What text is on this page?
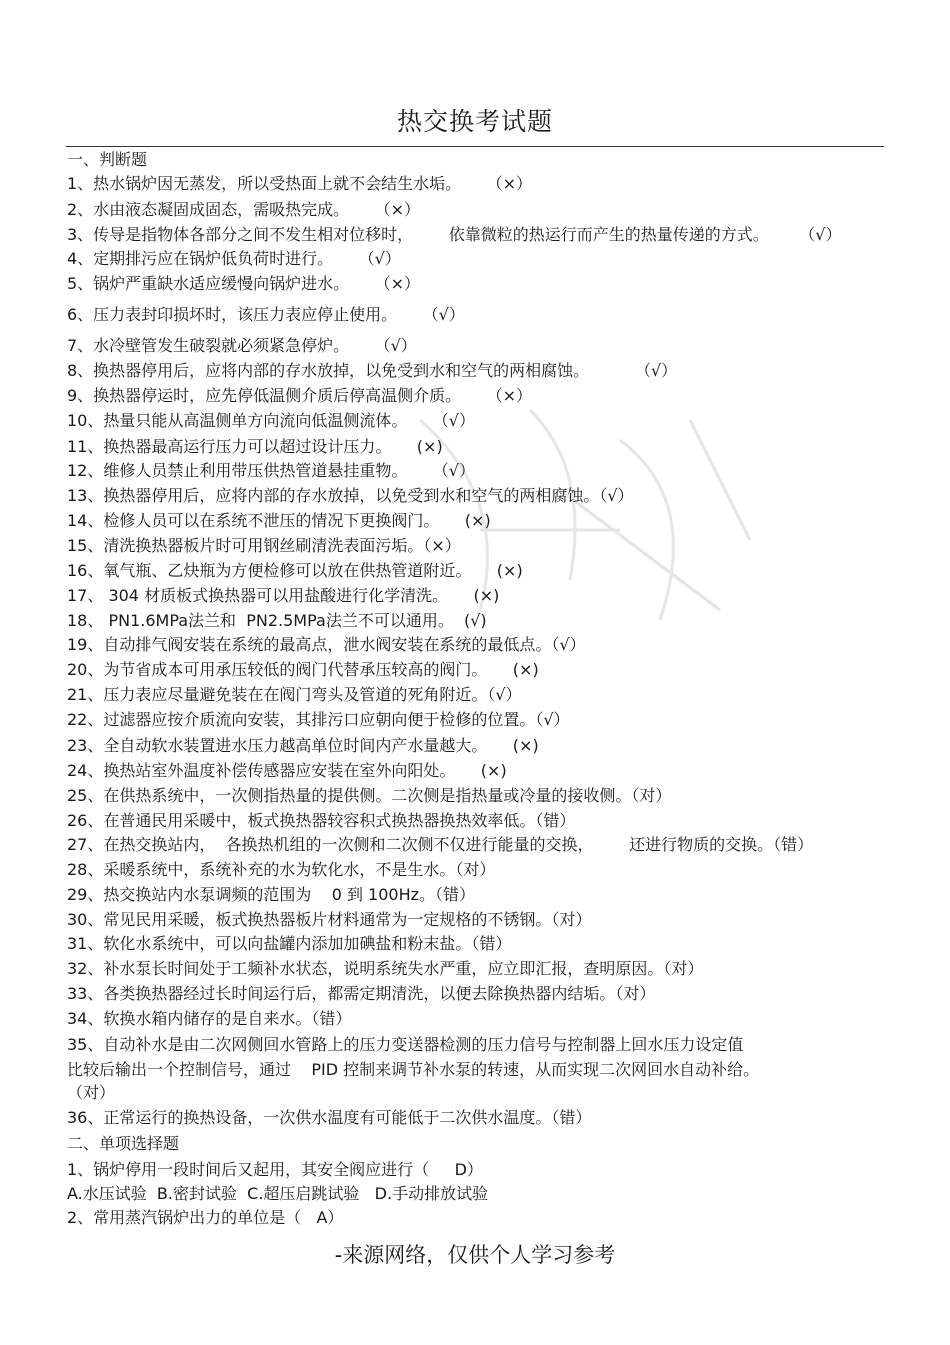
热交换考试题
一、判断题
1、热水锅炉因无蒸发，所以受热面上就不会结生水垢。     （×）
2、水由液态凝固成固态，需吸热完成。     （×）
3、传导是指物体各部分之间不发生相对位移时，       依靠微粒的热运行而产生的热量传递的方式。      （√）
4、定期排污应在锅炉低负荷时进行。     （√）
5、锅炉严重缺水适应缓慢向锅炉进水。     （×）
6、压力表封印损坏时，该压力表应停止使用。     （√）
7、水冷壁管发生破裂就必须紧急停炉。     （√）
8、换热器停用后，应将内部的存水放掉，以免受到水和空气的两相腐蚀。         （√）
9、换热器停运时，应先停低温侧介质后停高温侧介质。     （×）
10、热量只能从高温侧单方向流向低温侧流体。     （√）
11、换热器最高运行压力可以超过设计压力。     (×)
12、维修人员禁止利用带压供热管道悬挂重物。     （√）
13、换热器停用后，应将内部的存水放掉，以免受到水和空气的两相腐蚀。（√）
14、检修人员可以在系统不泄压的情况下更换阀门。     (×)
15、清洗换热器板片时可用钢丝刷清洗表面污垢。（×）
16、氧气瓶、乙炔瓶为方便检修可以放在供热管道附近。     (×)
17、 304 材质板式换热器可以用盐酸进行化学清洗。     (×)
18、 PN1.6MPa法兰和  PN2.5MPa法兰不可以通用。  (√)
19、自动排气阀安装在系统的最高点，泄水阀安装在系统的最低点。（√）
20、为节省成本可用承压较低的阀门代替承压较高的阀门。     (×)
21、压力表应尽量避免装在在阀门弯头及管道的死角附近。（√）
22、过滤器应按介质流向安装，其排污口应朝向便于检修的位置。（√）
23、全自动软水装置进水压力越高单位时间内产水量越大。     (×)
24、换热站室外温度补偿传感器应安装在室外向阳处。     (×)
25、在供热系统中，一次侧指热量的提供侧。二次侧是指热量或冷量的接收侧。（对）
26、在普通民用采暖中，板式换热器较容积式换热器换热效率低。（错）
27、在热交换站内，  各换热机组的一次侧和二次侧不仅进行能量的交换，       还进行物质的交换。（错）
28、采暖系统中，系统补充的水为软化水，不是生水。（对）
29、热交换站内水泵调频的范围为    0 到 100Hz。（错）
30、常见民用采暖，板式换热器板片材料通常为一定规格的不锈钢。（对）
31、软化水系统中，可以向盐罐内添加加碘盐和粉末盐。（错）
32、补水泵长时间处于工频补水状态，说明系统失水严重，应立即汇报，查明原因。（对）
33、各类换热器经过长时间运行后，都需定期清洗，以便去除换热器内结垢。（对）
34、软换水箱内储存的是自来水。（错）
35、自动补水是由二次网侧回水管路上的压力变送器检测的压力信号与控制器上回水压力设定值
比较后输出一个控制信号，通过    PID 控制来调节补水泵的转速，从而实现二次网回水自动补给。
（对）
36、正常运行的换热设备，一次供水温度有可能低于二次供水温度。（错）
二、单项选择题
1、锅炉停用一段时间后又起用，其安全阀应进行（     D）
A.水压试验  B.密封试验  C.超压启跳试验   D.手动排放试验
2、常用蒸汽锅炉出力的单位是（   A）
-来源网络，仅供个人学习参考
